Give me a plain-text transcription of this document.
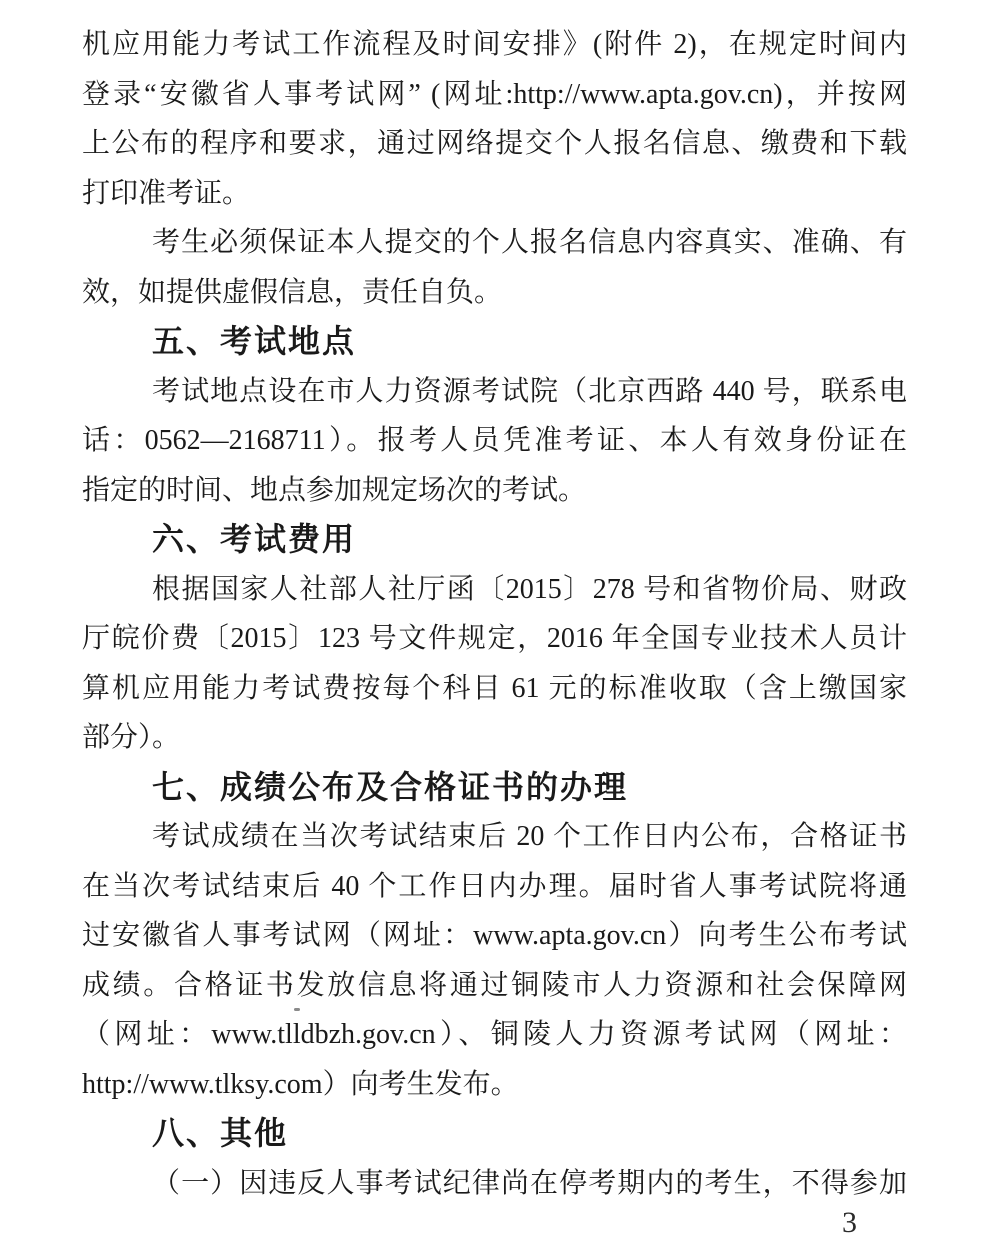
机应用能力考试工作流程及时间安排》(附件 2)，在规定时间内
登录“安徽省人事考试网” (网址:http://www.apta.gov.cn)，并按网
上公布的程序和要求，通过网络提交个人报名信息、缴费和下载
打印准考证。
考生必须保证本人提交的个人报名信息内容真实、准确、有
效，如提供虚假信息，责任自负。
五、考试地点
考试地点设在市人力资源考试院（北京西路 440 号，联系电
话：0562—2168711）。报考人员凭准考证、本人有效身份证在
指定的时间、地点参加规定场次的考试。
六、考试费用
根据国家人社部人社厅函〔2015〕278 号和省物价局、财政
厅皖价费〔2015〕123 号文件规定，2016 年全国专业技术人员计
算机应用能力考试费按每个科目 61 元的标准收取（含上缴国家
部分）。
七、成绩公布及合格证书的办理
考试成绩在当次考试结束后 20 个工作日内公布，合格证书
在当次考试结束后 40 个工作日内办理。届时省人事考试院将通
过安徽省人事考试网（网址：www.apta.gov.cn）向考生公布考试
成绩。合格证书发放信息将通过铜陵市人力资源和社会保障网
（网址：www.tlldbzh.gov.cn）、铜陵人力资源考试网（网址：
http://www.tlksy.com）向考生发布。
八、其他
（一）因违反人事考试纪律尚在停考期内的考生，不得参加
3
